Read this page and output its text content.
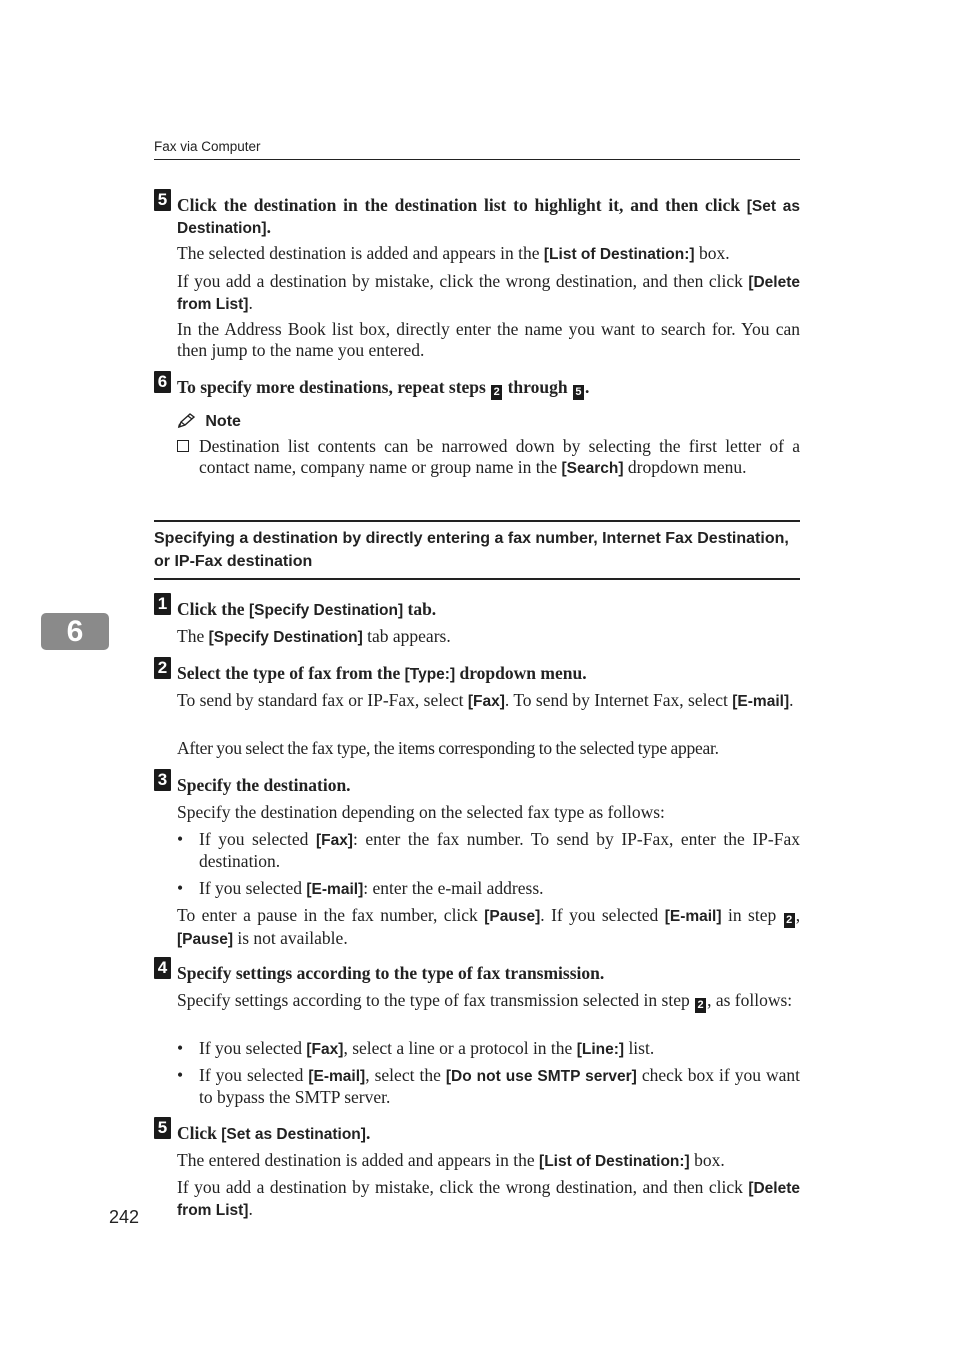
Fax via Computer
5 Click the destination in the destination list to highlight it, and then click [Set as Destination].
The selected destination is added and appears in the [List of Destination:] box.
If you add a destination by mistake, click the wrong destination, and then click [Delete from List].
In the Address Book list box, directly enter the name you want to search for. You can then jump to the name you entered.
6 To specify more destinations, repeat steps 2 through 5 .
Note
Destination list contents can be narrowed down by selecting the first letter of a contact name, company name or group name in the [Search] dropdown menu.
Specifying a destination by directly entering a fax number, Internet Fax Destination, or IP-Fax destination
6
1 Click the [Specify Destination] tab.
The [Specify Destination] tab appears.
2 Select the type of fax from the [Type:] dropdown menu.
To send by standard fax or IP-Fax, select [Fax]. To send by Internet Fax, select [E-mail].
After you select the fax type, the items corresponding to the selected type appear.
3 Specify the destination.
Specify the destination depending on the selected fax type as follows:
• If you selected [Fax]: enter the fax number. To send by IP-Fax, enter the IP-Fax destination.
• If you selected [E-mail]: enter the e-mail address.
To enter a pause in the fax number, click [Pause]. If you selected [E-mail] in step 2 , [Pause] is not available.
4 Specify settings according to the type of fax transmission.
Specify settings according to the type of fax transmission selected in step 2 , as follows:
• If you selected [Fax], select a line or a protocol in the [Line:] list.
• If you selected [E-mail], select the [Do not use SMTP server] check box if you want to bypass the SMTP server.
5 Click [Set as Destination].
The entered destination is added and appears in the [List of Destination:] box.
If you add a destination by mistake, click the wrong destination, and then click [Delete from List].
242
